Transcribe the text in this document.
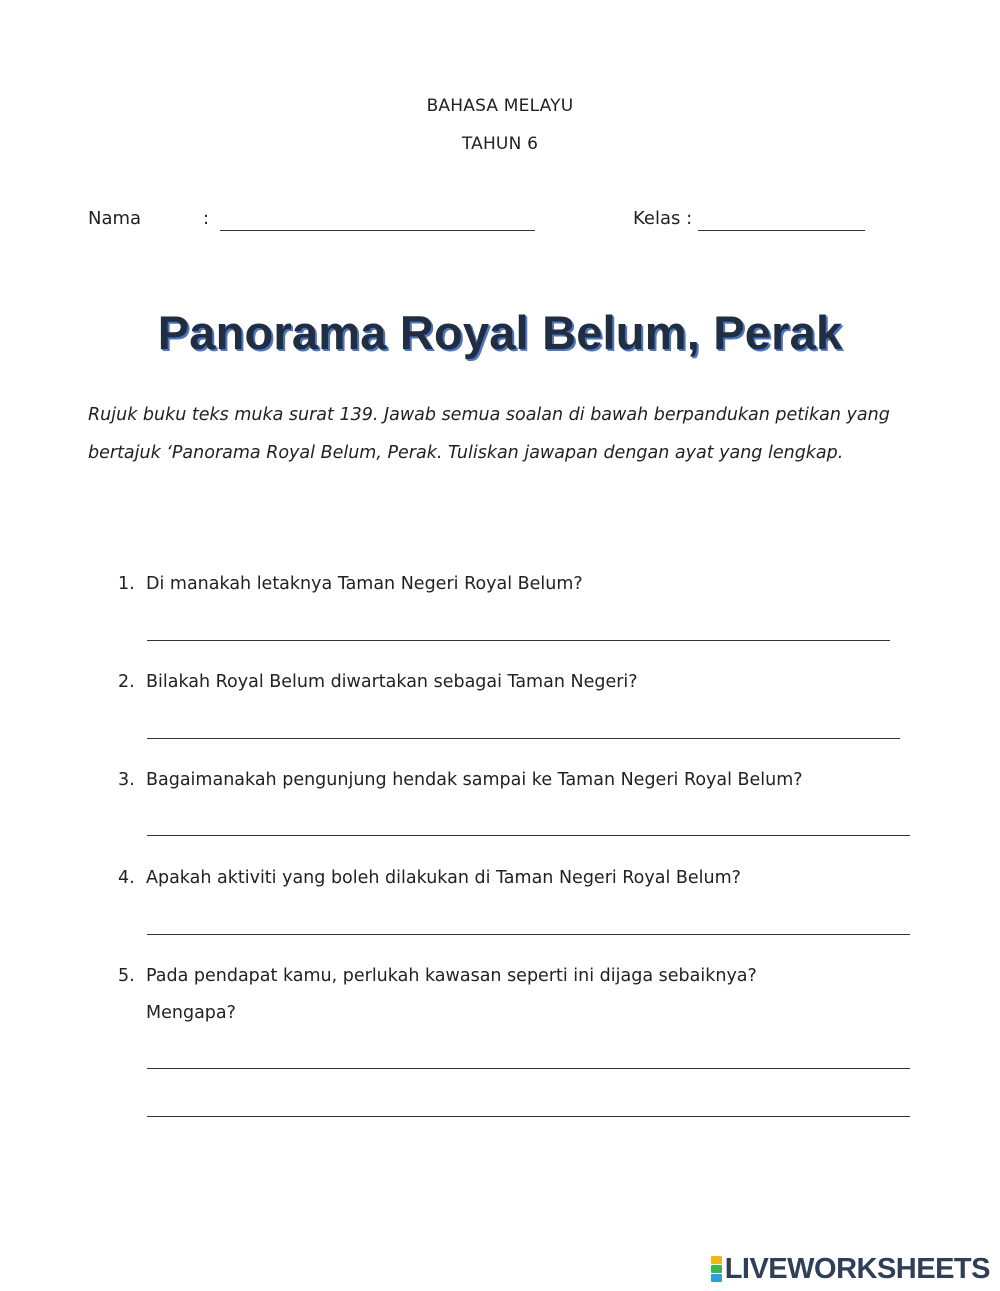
BAHASA MELAYU
TAHUN 6
Nama	:	Kelas :
Panorama Royal Belum, Perak
Rujuk buku teks muka surat 139. Jawab semua soalan di bawah berpandukan petikan yang bertajuk ‘Panorama Royal Belum, Perak. Tuliskan jawapan dengan ayat yang lengkap.
1. Di manakah letaknya Taman Negeri Royal Belum?
2. Bilakah Royal Belum diwartakan sebagai Taman Negeri?
3. Bagaimanakah pengunjung hendak sampai ke Taman Negeri Royal Belum?
4. Apakah aktiviti yang boleh dilakukan di Taman Negeri Royal Belum?
5. Pada pendapat kamu, perlukah kawasan seperti ini dijaga sebaiknya?
Mengapa?
LIVEWORKSHEETS
